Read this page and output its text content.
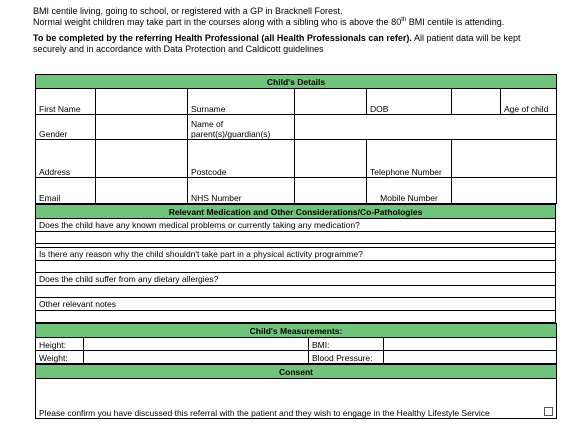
BMI centile living, going to school, or registered with a GP in Bracknell Forest.
Normal weight children may take part in the courses along with a sibling who is above the 80th BMI centile is attending.
To be completed by the referring Health Professional (all Health Professionals can refer). All patient data will be kept
securely and in accordance with Data Protection and Caldicott guidelines
Child's Details						
First Name		Surname		DOB		Age of child
Gender		Name of parent(s)/guardian(s)				
Address		Postcode		Telephone Number		
Email		NHS Number		Mobile Number		
Relevant Medication and Other Considerations/Co-Pathologies
Does the child have any known medical problems or currently taking any medication?

Is there any reason why the child shouldn't take part in a physical activity programme?

Does the child suffer from any dietary allergies?

Other relevant notes

Child's Measurements:			
Height:		BMI:	
Weight:		Blood Pressure:	
Consent
Please confirm you have discussed this referral with the patient and they wish to engage in the Healthy Lifestyle Service	
